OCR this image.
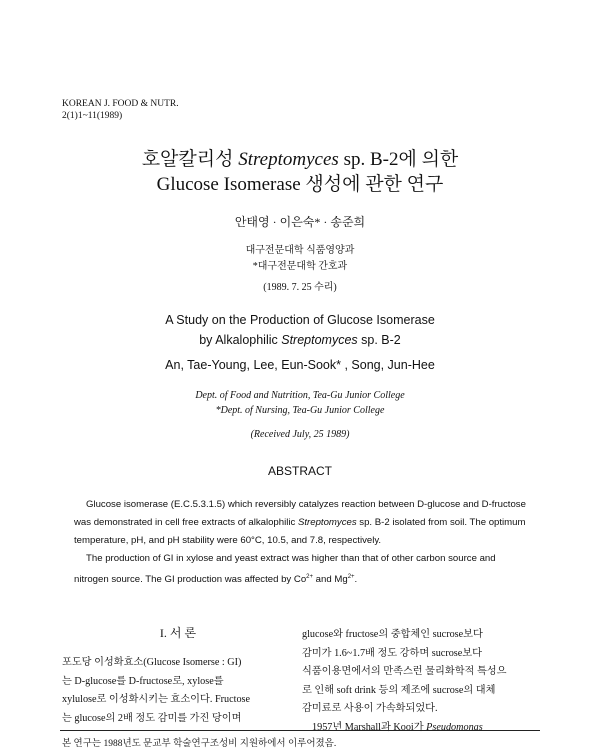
KOREAN J. FOOD & NUTR.
2(1)1~11(1989)
호알칼리성 Streptomyces sp. B-2에 의한
Glucose Isomerase 생성에 관한 연구
안태영 · 이은숙* · 송준희
대구전문대학 식품영양과
*대구전문대학 간호과
(1989. 7. 25 수리)
A Study on the Production of Glucose Isomerase
by Alkalophilic Streptomyces sp. B-2
An, Tae-Young, Lee, Eun-Sook* , Song, Jun-Hee
Dept. of Food and Nutrition, Tea-Gu Junior College
*Dept. of Nursing, Tea-Gu Junior College
(Received July, 25 1989)
ABSTRACT

Glucose isomerase (E.C.5.3.1.5) which reversibly catalyzes reaction between D-glucose and D-fructose was demonstrated in cell free extracts of alkalophilic Streptomyces sp. B-2 isolated from soil. The optimum temperature, pH, and pH stability were 60°C, 10.5, and 7.8, respectively.

The production of GI in xylose and yeast extract was higher than that of other carbon source and nitrogen source. The GI production was affected by $Co^{2+}$ and $Mg^{2+}$.

I. 서 론

포도당 이성화효소(Glucose Isomerse : GI)

는 D-glucose를 D-fructose로, xylose를

xylulose로 이성화시키는 효소이다. Fructose

는 glucose의 2배 정도 감미를 가진 당이며

glucose와 fructose의 중합체인 sucrose보다

감미가 1.6~1.7배 정도 강하며 sucrose보다

식품이용면에서의 만족스런 물리화학적 특성으

로 인해 soft drink 등의 제조에 sucrose의 대체

감미료로 사용이 가속화되었다.

1957년 Marshall과 Kooi가 Pseudomonas

본 연구는 1988년도 문교부 학술연구조성비 지원하에서 이루어졌음.
